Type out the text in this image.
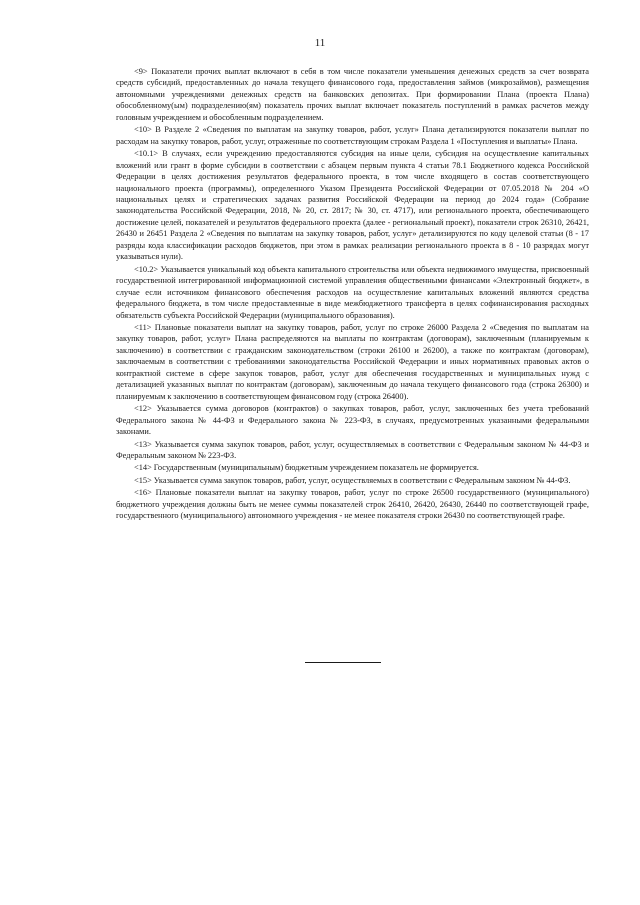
11

<9> Показатели прочих выплат включают в себя в том числе показатели уменьшения денежных средств за счет возврата средств субсидий, предоставленных до начала текущего финансового года, предоставления займов (микрозаймов), размещения автономными учреждениями денежных средств на банковских депозитах. При формировании Плана (проекта Плана) обособленному(ым) подразделению(ям) показатель прочих выплат включает показатель поступлений в рамках расчетов между головным учреждением и обособленным подразделением.

<10> В Разделе 2 «Сведения по выплатам на закупку товаров, работ, услуг» Плана детализируются показатели выплат по расходам на закупку товаров, работ, услуг, отраженные по соответствующим строкам Раздела 1 «Поступления и выплаты» Плана.

<10.1> В случаях, если учреждению предоставляются субсидия на иные цели, субсидия на осуществление капитальных вложений или грант в форме субсидии в соответствии с абзацем первым пункта 4 статьи 78.1 Бюджетного кодекса Российской Федерации в целях достижения результатов федерального проекта, в том числе входящего в состав соответствующего национального проекта (программы), определенного Указом Президента Российской Федерации от 07.05.2018 № 204 «О национальных целях и стратегических задачах развития Российской Федерации на период до 2024 года» (Собрание законодательства Российской Федерации, 2018, № 20, ст. 2817; № 30, ст. 4717), или регионального проекта, обеспечивающего достижение целей, показателей и результатов федерального проекта (далее - региональный проект), показатели строк 26310, 26421, 26430 и 26451 Раздела 2 «Сведения по выплатам на закупку товаров, работ, услуг» детализируются по коду целевой статьи (8 - 17 разряды кода классификации расходов бюджетов, при этом в рамках реализации регионального проекта в 8 - 10 разрядах могут указываться нули).

<10.2> Указывается уникальный код объекта капитального строительства или объекта недвижимого имущества, присвоенный государственной интегрированной информационной системой управления общественными финансами «Электронный бюджет», в случае если источником финансового обеспечения расходов на осуществление капитальных вложений являются средства федерального бюджета, в том числе предоставленные в виде межбюджетного трансферта в целях софинансирования расходных обязательств субъекта Российской Федерации (муниципального образования).

<11> Плановые показатели выплат на закупку товаров, работ, услуг по строке 26000 Раздела 2 «Сведения по выплатам на закупку товаров, работ, услуг» Плана распределяются на выплаты по контрактам (договорам), заключенным (планируемым к заключению) в соответствии с гражданским законодательством (строки 26100 и 26200), а также по контрактам (договорам), заключаемым в соответствии с требованиями законодательства Российской Федерации и иных нормативных правовых актов о контрактной системе в сфере закупок товаров, работ, услуг для обеспечения государственных и муниципальных нужд с детализацией указанных выплат по контрактам (договорам), заключенным до начала текущего финансового года (строка 26300) и планируемым к заключению в соответствующем финансовом году (строка 26400).

<12> Указывается сумма договоров (контрактов) о закупках товаров, работ, услуг, заключенных без учета требований Федерального закона № 44-ФЗ и Федерального закона № 223-ФЗ, в случаях, предусмотренных указанными федеральными законами.

<13> Указывается сумма закупок товаров, работ, услуг, осуществляемых в соответствии с Федеральным законом № 44-ФЗ и Федеральным законом № 223-ФЗ.

<14> Государственным (муниципальным) бюджетным учреждением показатель не формируется.

<15> Указывается сумма закупок товаров, работ, услуг, осуществляемых в соответствии с Федеральным законом № 44-ФЗ.

<16> Плановые показатели выплат на закупку товаров, работ, услуг по строке 26500 государственного (муниципального) бюджетного учреждения должны быть не менее суммы показателей строк 26410, 26420, 26430, 26440 по соответствующей графе, государственного (муниципального) автономного учреждения - не менее показателя строки 26430 по соответствующей графе.
